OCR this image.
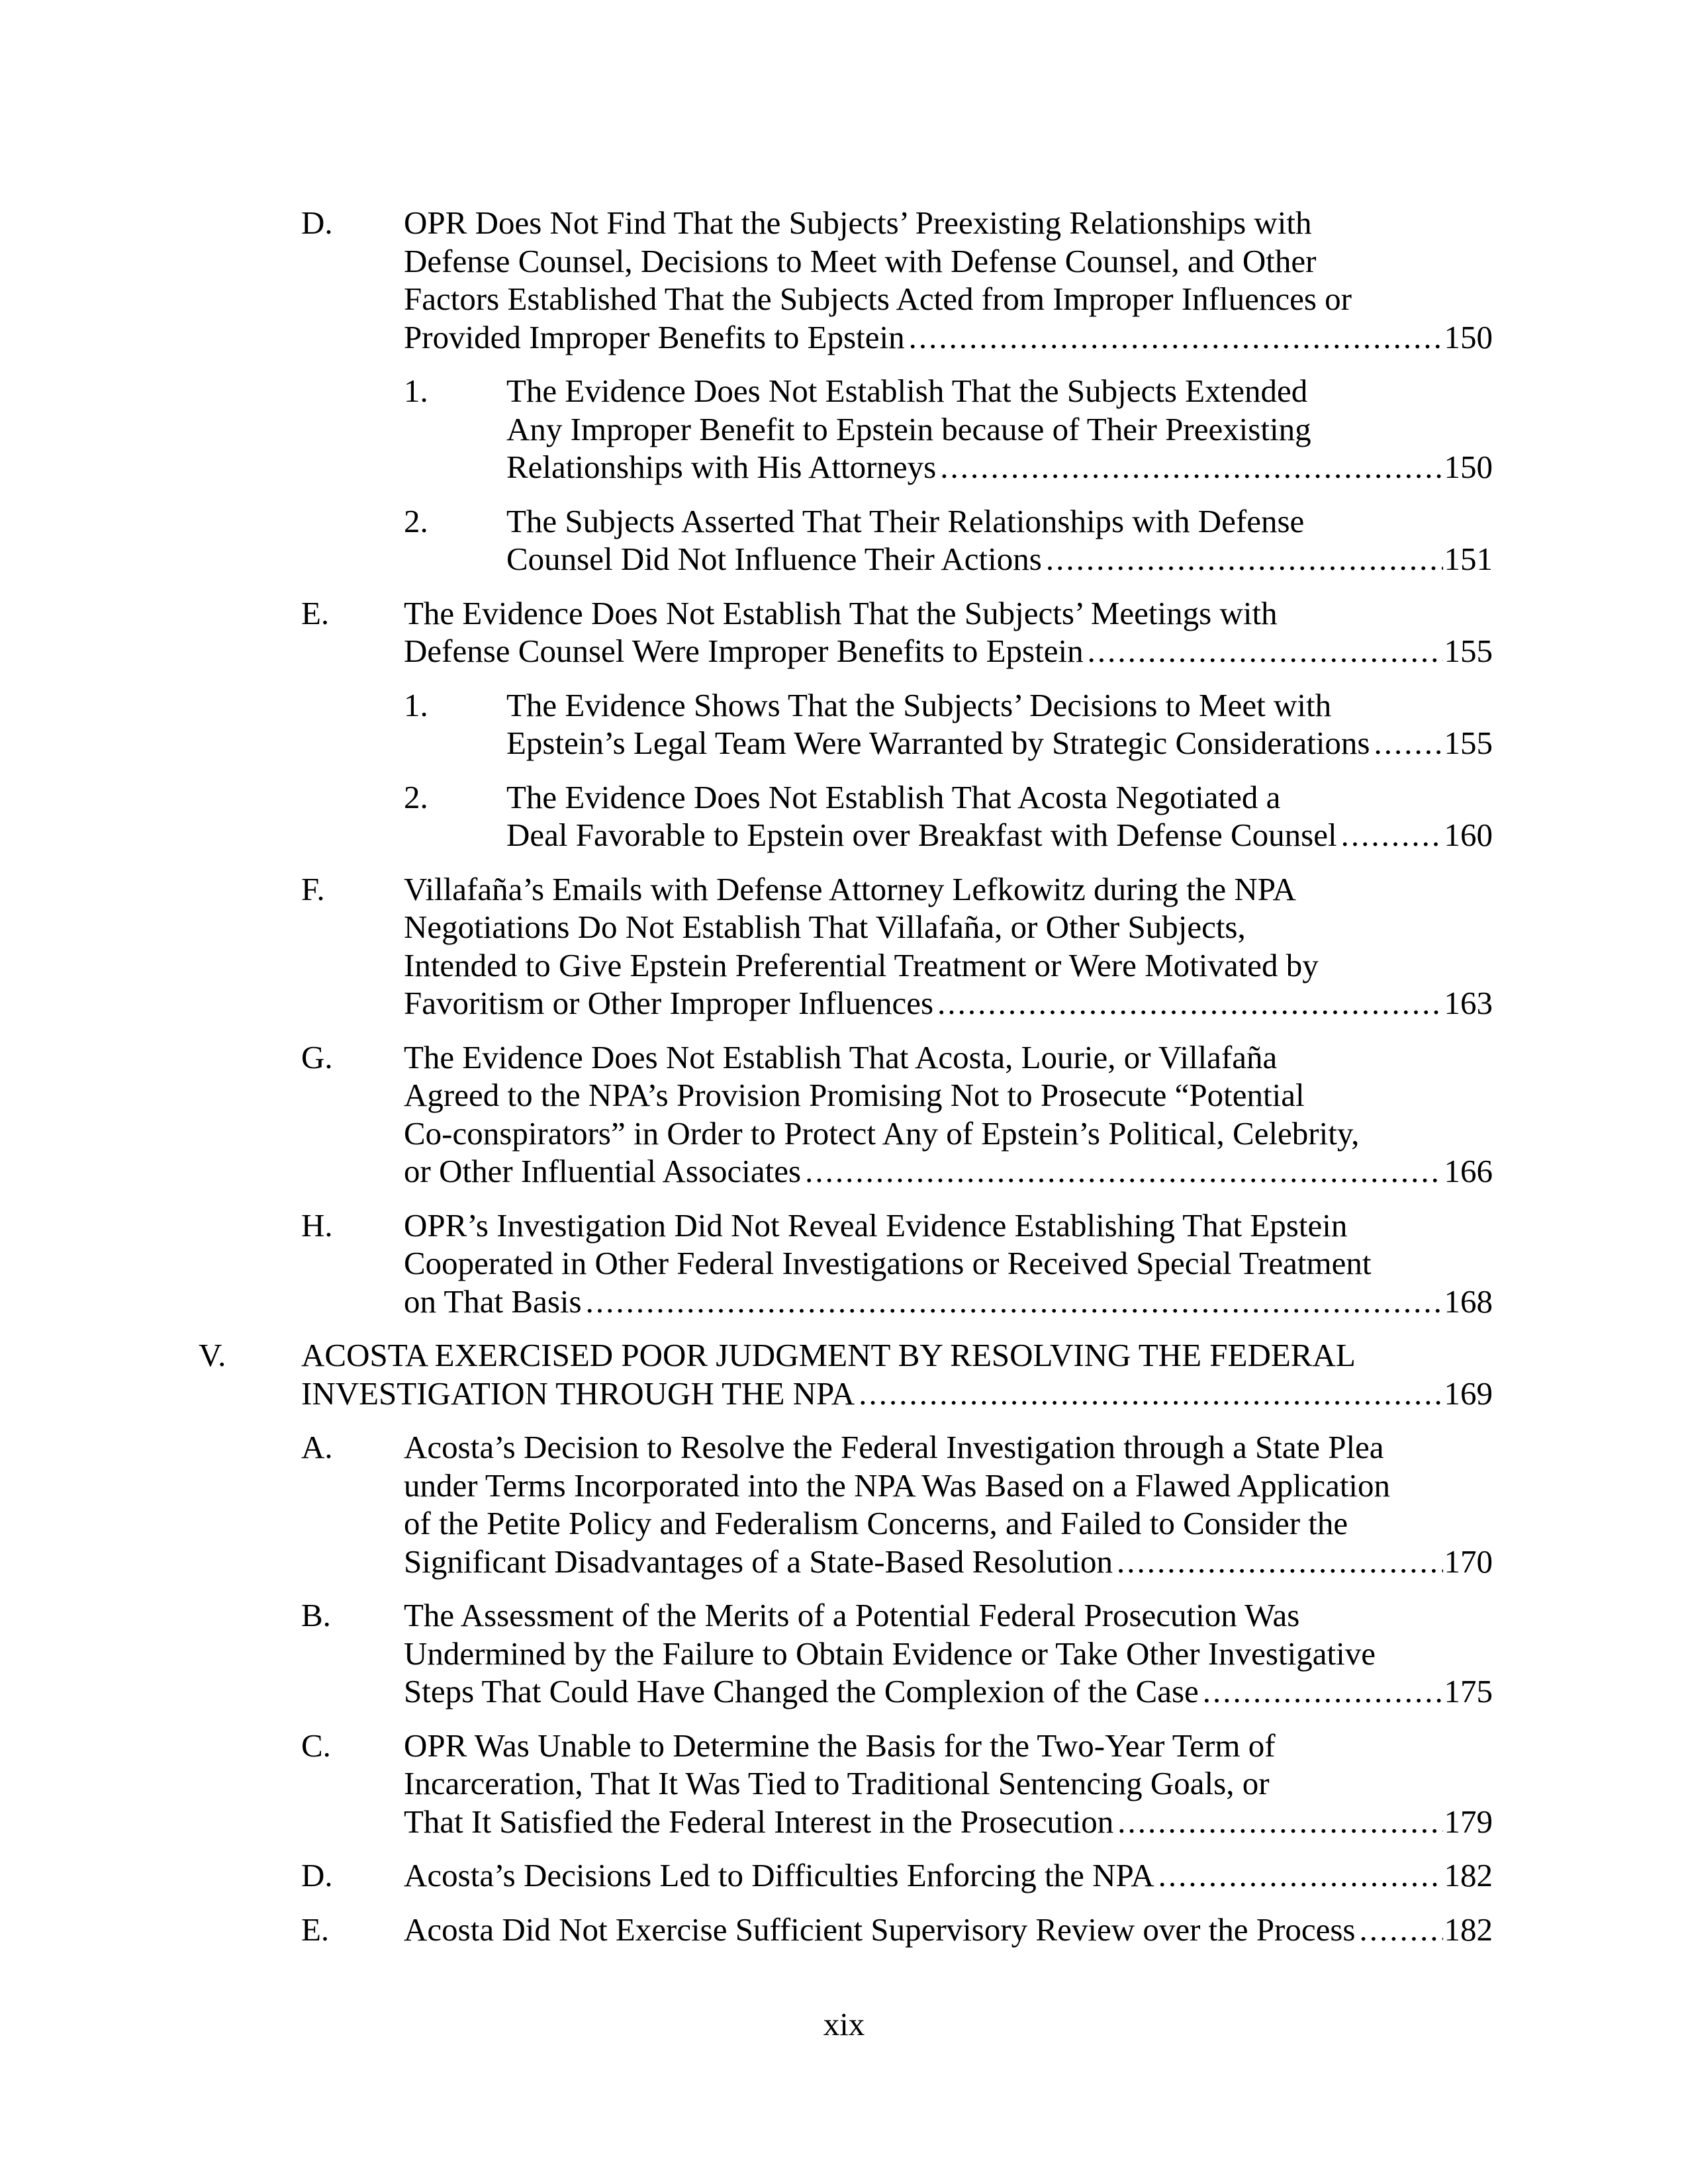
D.	OPR Does Not Find That the Subjects’ Preexisting Relationships with
Defense Counsel, Decisions to Meet with Defense Counsel, and Other
Factors Established That the Subjects Acted from Improper Influences or
Provided Improper Benefits to Epstein .....	150
1.	The Evidence Does Not Establish That the Subjects Extended
Any Improper Benefit to Epstein because of Their Preexisting
Relationships with His Attorneys .....	150
2.	The Subjects Asserted That Their Relationships with Defense
Counsel Did Not Influence Their Actions .....	151
E.	The Evidence Does Not Establish That the Subjects’ Meetings with
Defense Counsel Were Improper Benefits to Epstein .....	155
1.	The Evidence Shows That the Subjects’ Decisions to Meet with
Epstein’s Legal Team Were Warranted by Strategic Considerations ..... 155
2.	The Evidence Does Not Establish That Acosta Negotiated a
Deal Favorable to Epstein over Breakfast with Defense Counsel .....	160
F.	Villafaña’s Emails with Defense Attorney Lefkowitz during the NPA
Negotiations Do Not Establish That Villafaña, or Other Subjects,
Intended to Give Epstein Preferential Treatment or Were Motivated by
Favoritism or Other Improper Influences .....	163
G.	The Evidence Does Not Establish That Acosta, Lourie, or Villafaña
Agreed to the NPA’s Provision Promising Not to Prosecute “Potential
Co-conspirators” in Order to Protect Any of Epstein’s Political, Celebrity,
or Other Influential Associates .....	166
H.	OPR’s Investigation Did Not Reveal Evidence Establishing That Epstein
Cooperated in Other Federal Investigations or Received Special Treatment
on That Basis .....	168
V.	ACOSTA EXERCISED POOR JUDGMENT BY RESOLVING THE FEDERAL
INVESTIGATION THROUGH THE NPA .....	169
A.	Acosta’s Decision to Resolve the Federal Investigation through a State Plea
under Terms Incorporated into the NPA Was Based on a Flawed Application
of the Petite Policy and Federalism Concerns, and Failed to Consider the
Significant Disadvantages of a State-Based Resolution .....	170
B.	The Assessment of the Merits of a Potential Federal Prosecution Was
Undermined by the Failure to Obtain Evidence or Take Other Investigative
Steps That Could Have Changed the Complexion of the Case .....	175
C.	OPR Was Unable to Determine the Basis for the Two-Year Term of
Incarceration, That It Was Tied to Traditional Sentencing Goals, or
That It Satisfied the Federal Interest in the Prosecution .....	179
D.	Acosta’s Decisions Led to Difficulties Enforcing the NPA .....	182
E.	Acosta Did Not Exercise Sufficient Supervisory Review over the Process .....	182
xix
